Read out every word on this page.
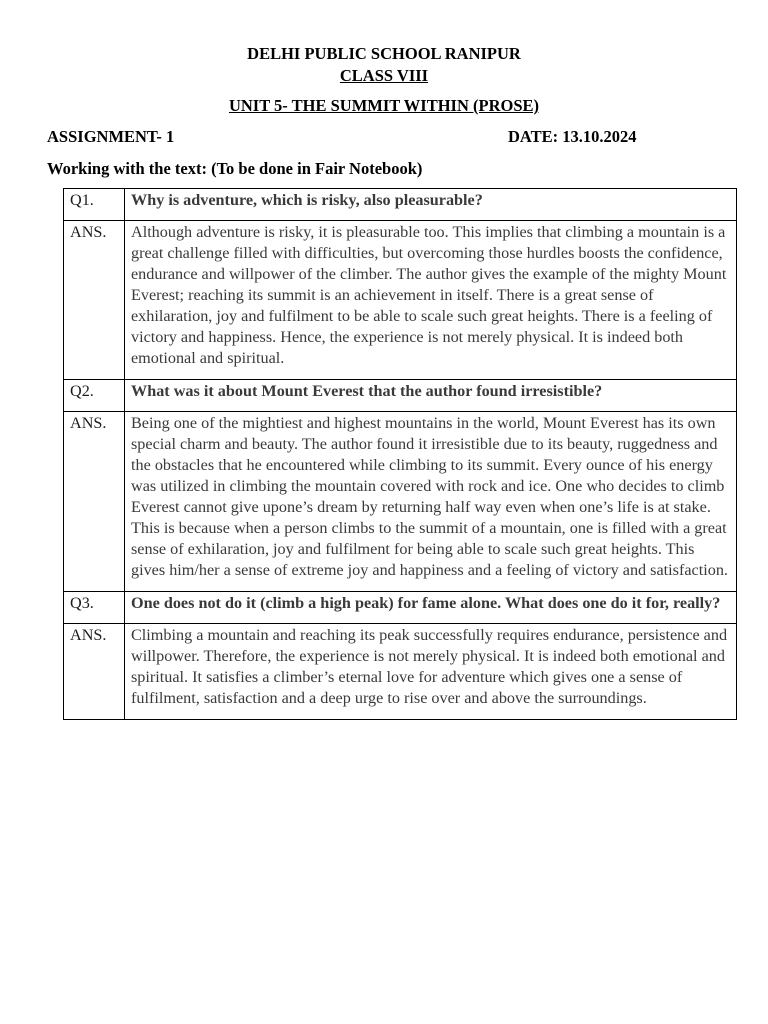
DELHI PUBLIC SCHOOL RANIPUR
CLASS VIII
UNIT 5- THE SUMMIT WITHIN (PROSE)
ASSIGNMENT- 1	DATE: 13.10.2024
Working with the text: (To be done in Fair Notebook)
Q1.	Why is adventure, which is risky, also pleasurable?
ANS.	Although adventure is risky, it is pleasurable too. This implies that climbing a mountain is a great challenge filled with difficulties, but overcoming those hurdles boosts the confidence, endurance and willpower of the climber. The author gives the example of the mighty Mount Everest; reaching its summit is an achievement in itself. There is a great sense of exhilaration, joy and fulfilment to be able to scale such great heights. There is a feeling of victory and happiness. Hence, the experience is not merely physical. It is indeed both emotional and spiritual.
Q2.	What was it about Mount Everest that the author found irresistible?
ANS.	Being one of the mightiest and highest mountains in the world, Mount Everest has its own special charm and beauty. The author found it irresistible due to its beauty, ruggedness and the obstacles that he encountered while climbing to its summit. Every ounce of his energy was utilized in climbing the mountain covered with rock and ice. One who decides to climb Everest cannot give upone’s dream by returning half way even when one’s life is at stake. This is because when a person climbs to the summit of a mountain, one is filled with a great sense of exhilaration, joy and fulfilment for being able to scale such great heights. This gives him/her a sense of extreme joy and happiness and a feeling of victory and satisfaction.
Q3.	One does not do it (climb a high peak) for fame alone. What does one do it for, really?
ANS.	Climbing a mountain and reaching its peak successfully requires endurance, persistence and willpower. Therefore, the experience is not merely physical. It is indeed both emotional and spiritual. It satisfies a climber’s eternal love for adventure which gives one a sense of fulfilment, satisfaction and a deep urge to rise over and above the surroundings.
